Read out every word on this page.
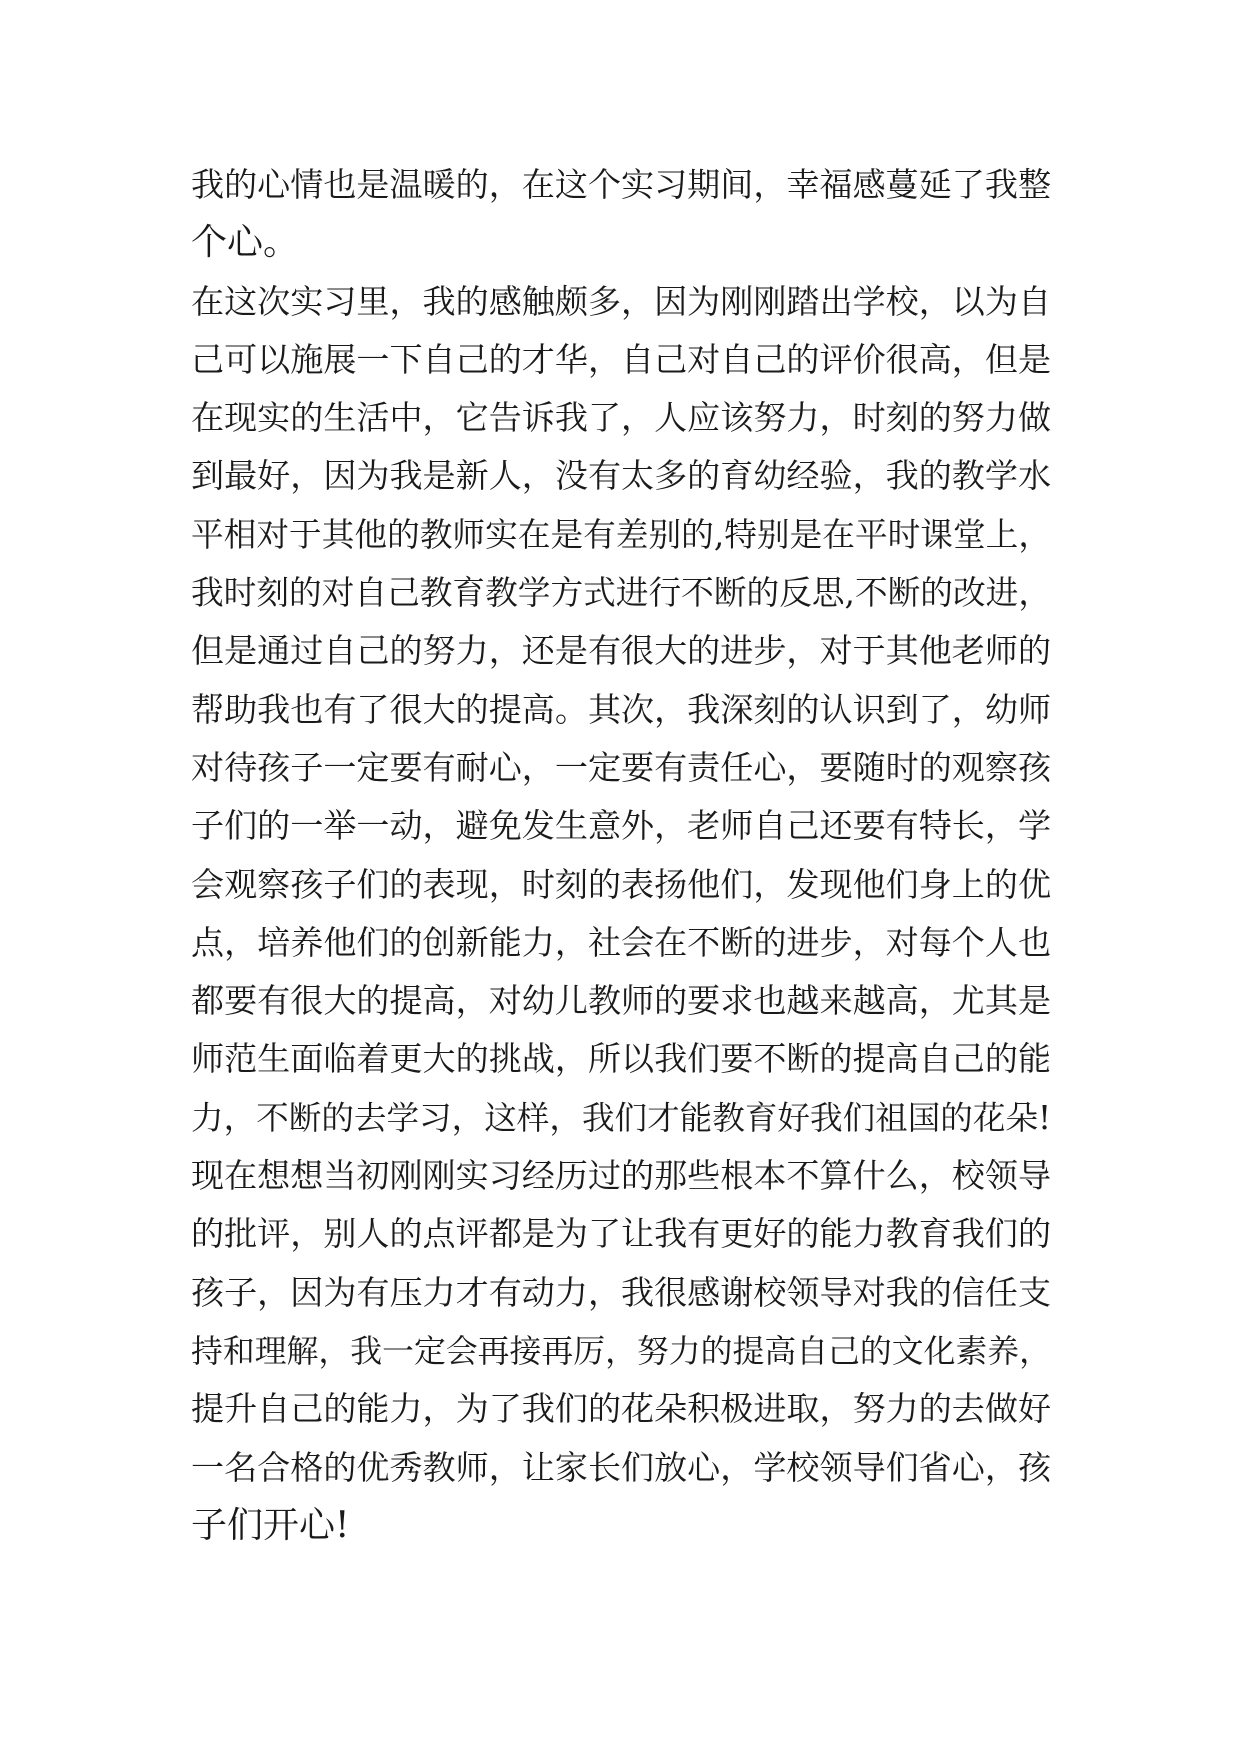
我的心情也是温暖的，在这个实习期间，幸福感蔓延了我整
个心。
在这次实习里，我的感触颇多，因为刚刚踏出学校，以为自
己可以施展一下自己的才华，自己对自己的评价很高，但是
在现实的生活中，它告诉我了，人应该努力，时刻的努力做
到最好，因为我是新人，没有太多的育幼经验，我的教学水
平相对于其他的教师实在是有差别的,特别是在平时课堂上，
我时刻的对自己教育教学方式进行不断的反思,不断的改进，
但是通过自己的努力，还是有很大的进步，对于其他老师的
帮助我也有了很大的提高。其次，我深刻的认识到了，幼师
对待孩子一定要有耐心，一定要有责任心，要随时的观察孩
子们的一举一动，避免发生意外，老师自己还要有特长，学
会观察孩子们的表现，时刻的表扬他们，发现他们身上的优
点，培养他们的创新能力，社会在不断的进步，对每个人也
都要有很大的提高，对幼儿教师的要求也越来越高，尤其是
师范生面临着更大的挑战，所以我们要不断的提高自己的能
力，不断的去学习，这样，我们才能教育好我们祖国的花朵!
现在想想当初刚刚实习经历过的那些根本不算什么，校领导
的批评，别人的点评都是为了让我有更好的能力教育我们的
孩子，因为有压力才有动力，我很感谢校领导对我的信任支
持和理解，我一定会再接再厉，努力的提高自己的文化素养，
提升自己的能力，为了我们的花朵积极进取，努力的去做好
一名合格的优秀教师，让家长们放心，学校领导们省心，孩
子们开心!
